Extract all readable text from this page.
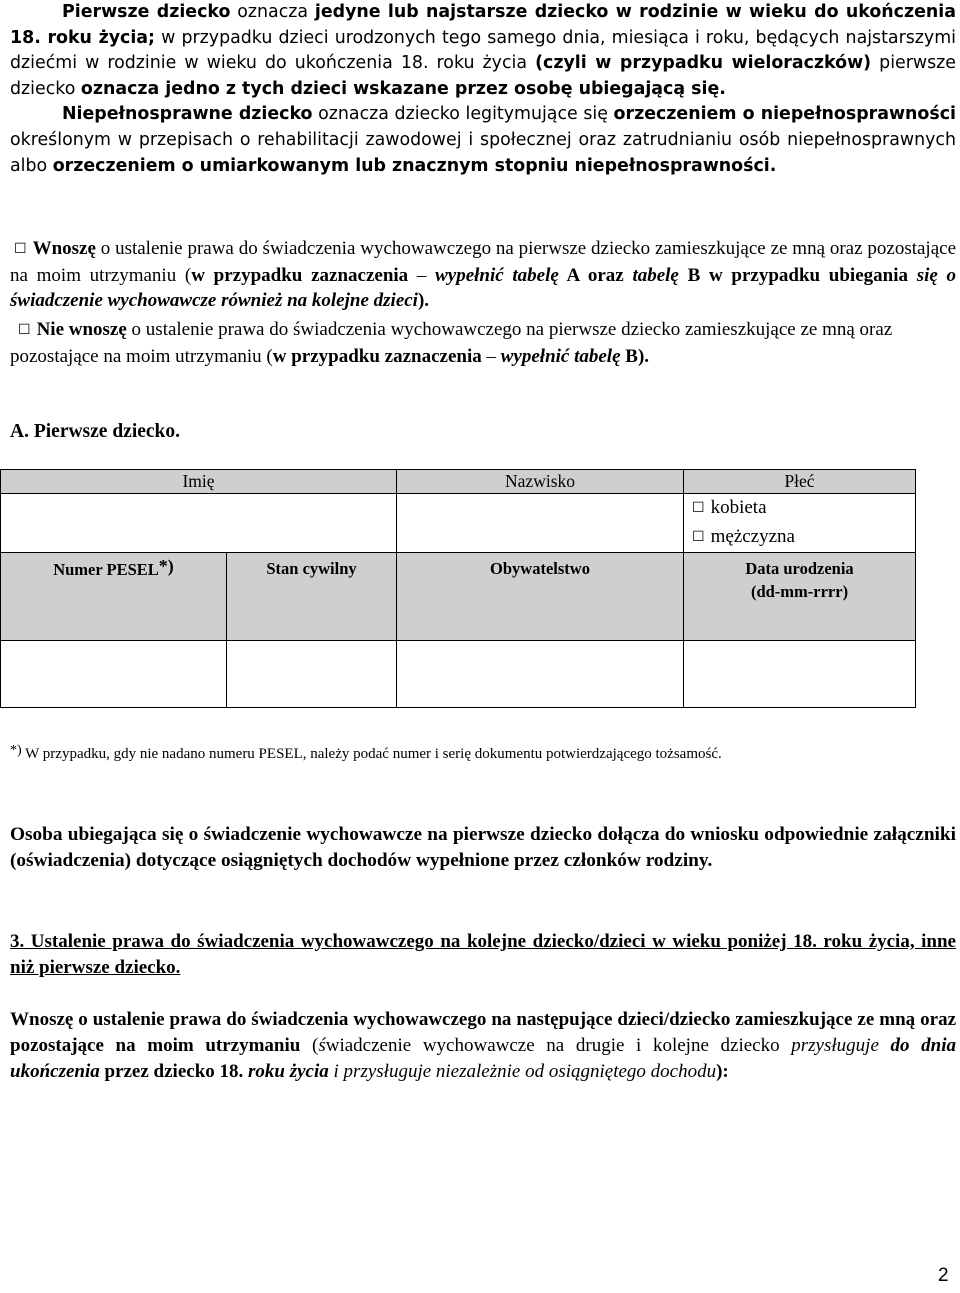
Pierwsze dziecko oznacza jedyne lub najstarsze dziecko w rodzinie w wieku do ukończenia 18. roku życia; w przypadku dzieci urodzonych tego samego dnia, miesiąca i roku, będących najstarszymi dziećmi w rodzinie w wieku do ukończenia 18. roku życia (czyli w przypadku wieloraczków) pierwsze dziecko oznacza jedno z tych dzieci wskazane przez osobę ubiegającą się.

Niepełnosprawne dziecko oznacza dziecko legitymujące się orzeczeniem o niepełnosprawności określonym w przepisach o rehabilitacji zawodowej i społecznej oraz zatrudnianiu osób niepełnosprawnych albo orzeczeniem o umiarkowanym lub znacznym stopniu niepełnosprawności.

☐ Wnoszę o ustalenie prawa do świadczenia wychowawczego na pierwsze dziecko zamieszkujące ze mną oraz pozostające na moim utrzymaniu (w przypadku zaznaczenia – wypełnić tabelę A oraz tabelę B w przypadku ubiegania się o świadczenie wychowawcze również na kolejne dzieci).

☐ Nie wnoszę o ustalenie prawa do świadczenia wychowawczego na pierwsze dziecko zamieszkujące ze mną oraz pozostające na moim utrzymaniu (w przypadku zaznaczenia – wypełnić tabelę B).

A. Pierwsze dziecko.
Imię		Nazwisko	Płeć

			☐ kobieta
☐ mężczyzna

Numer PESEL*)	Stan cywilny	Obywatelstwo	Data urodzenia
(dd-mm-rrrr)

*) W przypadku, gdy nie nadano numeru PESEL, należy podać numer i serię dokumentu potwierdzającego tożsamość.

Osoba ubiegająca się o świadczenie wychowawcze na pierwsze dziecko dołącza do wniosku odpowiednie załączniki (oświadczenia) dotyczące osiągniętych dochodów wypełnione przez członków rodziny.

3. Ustalenie prawa do świadczenia wychowawczego na kolejne dziecko/dzieci w wieku poniżej 18. roku życia, inne niż pierwsze dziecko.

Wnoszę o ustalenie prawa do świadczenia wychowawczego na następujące dzieci/dziecko zamieszkujące ze mną oraz pozostające na moim utrzymaniu (świadczenie wychowawcze na drugie i kolejne dziecko przysługuje do dnia ukończenia przez dziecko 18. roku życia i przysługuje niezależnie od osiągniętego dochodu):

2
